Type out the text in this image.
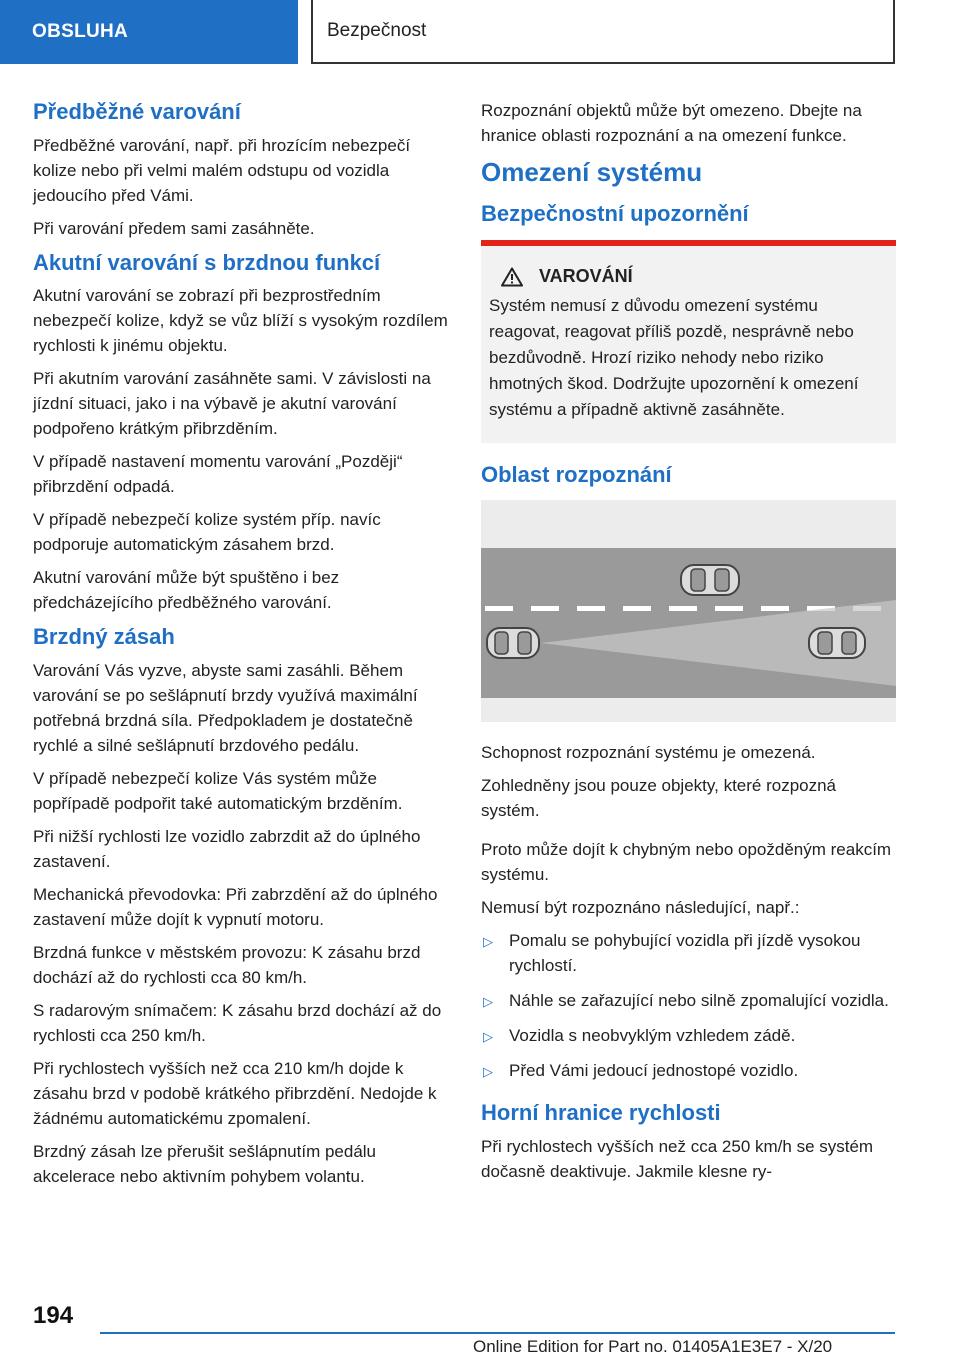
OBSLUHA	Bezpečnost
Předběžné varování

Předběžné varování, např. při hrozícím nebezpečí kolize nebo při velmi malém odstupu od vozidla jedoucího před Vámi.

Při varování předem sami zasáhněte.

Akutní varování s brzdnou funkcí

Akutní varování se zobrazí při bezprostředním nebezpečí kolize, když se vůz blíží s vysokým rozdílem rychlosti k jinému objektu.

Při akutním varování zasáhněte sami. V závislosti na jízdní situaci, jako i na výbavě je akutní varování podpořeno krátkým přibrzděním.

V případě nastavení momentu varování „Později“ přibrzdění odpadá.

V případě nebezpečí kolize systém příp. navíc podporuje automatickým zásahem brzd.

Akutní varování může být spuštěno i bez předcházejícího předběžného varování.

Brzdný zásah

Varování Vás vyzve, abyste sami zasáhli. Během varování se po sešlápnutí brzdy využívá maximální potřebná brzdná síla. Předpokladem je dostatečně rychlé a silné sešlápnutí brzdového pedálu.

V případě nebezpečí kolize Vás systém může popřípadě podpořit také automatickým brzděním.

Při nižší rychlosti lze vozidlo zabrzdit až do úplného zastavení.

Mechanická převodovka: Při zabrzdění až do úplného zastavení může dojít k vypnutí motoru.

Brzdná funkce v městském provozu: K zásahu brzd dochází až do rychlosti cca 80 km/h.

S radarovým snímačem: K zásahu brzd dochází až do rychlosti cca 250 km/h.

Při rychlostech vyšších než cca 210 km/h dojde k zásahu brzd v podobě krátkého přibrzdění. Nedojde k žádnému automatickému zpomalení.

Brzdný zásah lze přerušit sešlápnutím pedálu akcelerace nebo aktivním pohybem volantu.

Rozpoznání objektů může být omezeno. Dbejte na hranice oblasti rozpoznání a na omezení funkce.

Omezení systému
Bezpečnostní upozornění
VAROVÁNÍ

Systém nemusí z důvodu omezení systému reagovat, reagovat příliš pozdě, nesprávně nebo bezdůvodně. Hrozí riziko nehody nebo riziko hmotných škod. Dodržujte upozornění k omezení systému a případně aktivně zasáhněte.

Oblast rozpoznání

Schopnost rozpoznání systému je omezená.

Zohledněny jsou pouze objekty, které rozpozná systém.

Proto může dojít k chybným nebo opožděným reakcím systému.

Nemusí být rozpoznáno následující, např.:

▷ Pomalu se pohybující vozidla při jízdě vysokou rychlostí.
▷ Náhle se zařazující nebo silně zpomalující vozidla.
▷ Vozidla s neobvyklým vzhledem zádě.
▷ Před Vámi jedoucí jednostopé vozidlo.
Horní hranice rychlosti

Při rychlostech vyšších než cca 250 km/h se systém dočasně deaktivuje. Jakmile klesne ry-

194
Online Edition for Part no. 01405A1E3E7 - X/20
